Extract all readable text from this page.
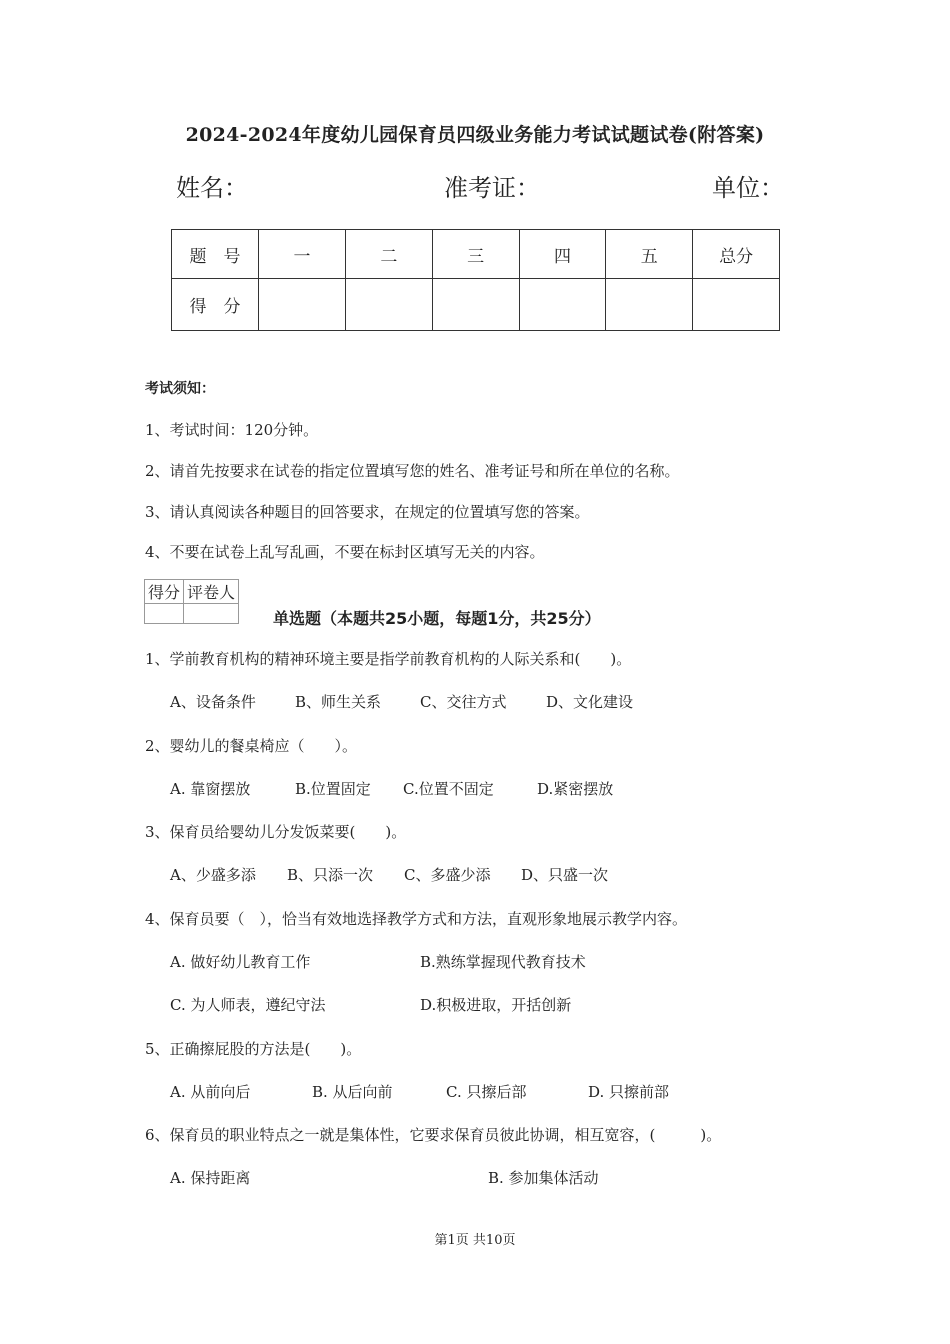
2024-2024年度幼儿园保育员四级业务能力考试试题试卷(附答案)
姓名：	准考证：	单位：
题　号	一	二	三	四	五	总分
得　分						
考试须知：
1、考试时间：120分钟。
2、请首先按要求在试卷的指定位置填写您的姓名、准考证号和所在单位的名称。
3、请认真阅读各种题目的回答要求，在规定的位置填写您的答案。
4、不要在试卷上乱写乱画，不要在标封区填写无关的内容。
得分	评卷人

单选题（本题共25小题，每题1分，共25分）
1、学前教育机构的精神环境主要是指学前教育机构的人际关系和(　　)。
A、设备条件	B、师生关系	C、交往方式	D、文化建设
2、婴幼儿的餐桌椅应（　　）。
A. 靠窗摆放	B.位置固定 C.位置不固定	D.紧密摆放
3、保育员给婴幼儿分发饭菜要(　　)。
A、少盛多添 B、只添一次 C、多盛少添 D、只盛一次
4、保育员要（　），恰当有效地选择教学方式和方法，直观形象地展示教学内容。
A. 做好幼儿教育工作	B.熟练掌握现代教育技术
C. 为人师表，遵纪守法	D.积极进取，开括创新
5、正确擦屁股的方法是(　　)。
A. 从前向后	B. 从后向前	C. 只擦后部	D. 只擦前部
6、保育员的职业特点之一就是集体性，它要求保育员彼此协调，相互宽容，(　　　)。
A. 保持距离	B. 参加集体活动
第1页 共10页
